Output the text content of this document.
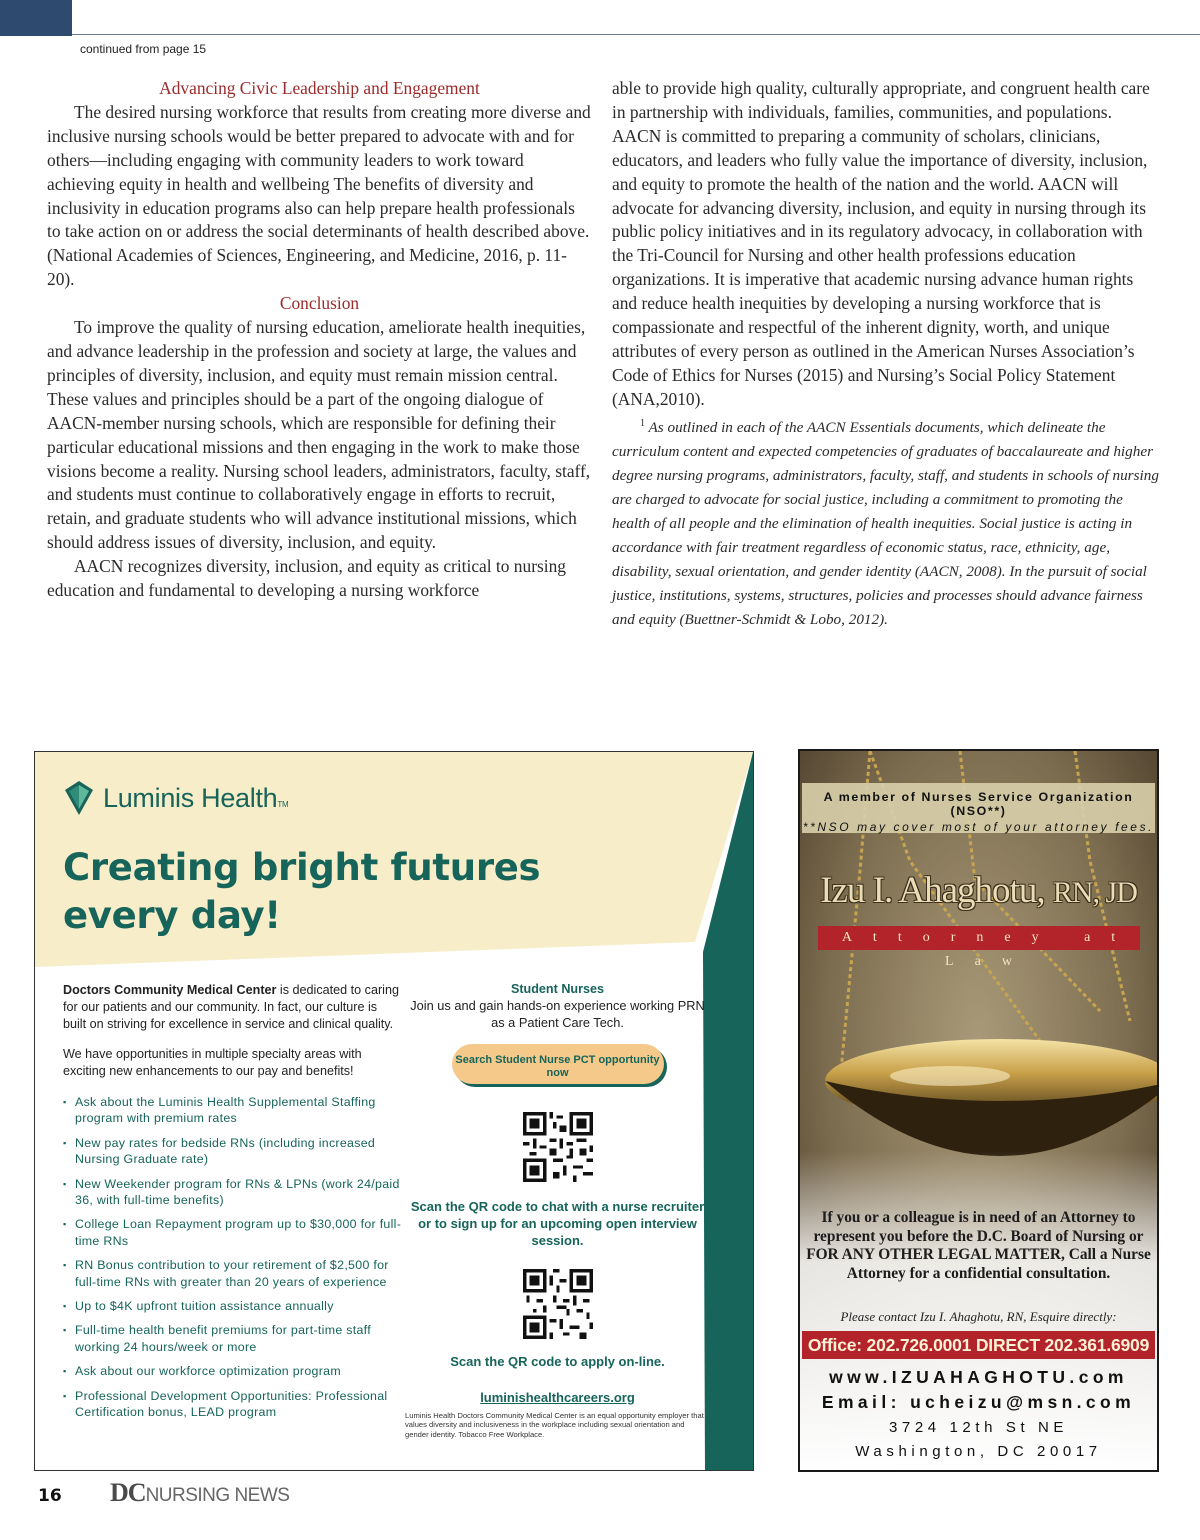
continued from page 15

Advancing Civic Leadership and Engagement

The desired nursing workforce that results from creating more diverse and inclusive nursing schools would be better prepared to advocate with and for others—including engaging with community leaders to work toward achieving equity in health and wellbeing The benefits of diversity and inclusivity in education programs also can help prepare health professionals to take action on or address the social determinants of health described above. (National Academies of Sciences, Engineering, and Medicine, 2016, p. 11-20).

Conclusion

To improve the quality of nursing education, ameliorate health inequities, and advance leadership in the profession and society at large, the values and principles of diversity, inclusion, and equity must remain mission central. These values and principles should be a part of the ongoing dialogue of AACN-member nursing schools, which are responsible for defining their particular educational missions and then engaging in the work to make those visions become a reality. Nursing school leaders, administrators, faculty, staff, and students must continue to collaboratively engage in efforts to recruit, retain, and graduate students who will advance institutional missions, which should address issues of diversity, inclusion, and equity.

AACN recognizes diversity, inclusion, and equity as critical to nursing education and fundamental to developing a nursing workforce

able to provide high quality, culturally appropriate, and congruent health care in partnership with individuals, families, communities, and populations. AACN is committed to preparing a community of scholars, clinicians, educators, and leaders who fully value the importance of diversity, inclusion, and equity to promote the health of the nation and the world. AACN will advocate for advancing diversity, inclusion, and equity in nursing through its public policy initiatives and in its regulatory advocacy, in collaboration with the Tri-Council for Nursing and other health professions education organizations. It is imperative that academic nursing advance human rights and reduce health inequities by developing a nursing workforce that is compassionate and respectful of the inherent dignity, worth, and unique attributes of every person as outlined in the American Nurses Association’s Code of Ethics for Nurses (2015) and Nursing’s Social Policy Statement (ANA,2010).

$^1$ As outlined in each of the AACN Essentials documents, which delineate the curriculum content and expected competencies of graduates of baccalaureate and higher degree nursing programs, administrators, faculty, staff, and students in schools of nursing are charged to advocate for social justice, including a commitment to promoting the health of all people and the elimination of health inequities. Social justice is acting in accordance with fair treatment regardless of economic status, race, ethnicity, age, disability, sexual orientation, and gender identity (AACN, 2008). In the pursuit of social justice, institutions, systems, structures, policies and processes should advance fairness and equity (Buettner-Schmidt & Lobo, 2012).

Luminis HealthTM
Creating bright futures every day!

Doctors Community Medical Center is dedicated to caring for our patients and our community. In fact, our culture is built on striving for excellence in service and clinical quality.

We have opportunities in multiple specialty areas with exciting new enhancements to our pay and benefits!

▪ Ask about the Luminis Health Supplemental Staffing program with premium rates
▪ New pay rates for bedside RNs (including increased Nursing Graduate rate)
▪ New Weekender program for RNs & LPNs (work 24/paid 36, with full-time benefits)
▪ College Loan Repayment program up to $30,000 for full-time RNs
▪ RN Bonus contribution to your retirement of $2,500 for full-time RNs with greater than 20 years of experience
▪ Up to $4K upfront tuition assistance annually
▪ Full-time health benefit premiums for part-time staff working 24 hours/week or more
▪ Ask about our workforce optimization program
▪ Professional Development Opportunities: Professional Certification bonus, LEAD program
Student Nurses
Join us and gain hands-on experience working PRN as a Patient Care Tech.
Search Student Nurse PCT opportunity now
Scan the QR code to chat with a nurse recruiter or to sign up for an upcoming open interview session.
Scan the QR code to apply on-line.
luminishealthcareers.org
Luminis Health Doctors Community Medical Center is an equal opportunity employer that values diversity and inclusiveness in the workplace including sexual orientation and gender identity. Tobacco Free Workplace.
A member of Nurses Service Organization (NSO**)
**NSO may cover most of your attorney fees.
Izu I. Ahaghotu, RN, JD
Attorney at Law
If you or a colleague is in need of an Attorney to represent you before the D.C. Board of Nursing or FOR ANY OTHER LEGAL MATTER, Call a Nurse Attorney for a confidential consultation.
Please contact Izu I. Ahaghotu, RN, Esquire directly:
Office: 202.726.0001 DIRECT 202.361.6909
www.IZUAHAGHOTU.com
Email: ucheizu@msn.com
3724 12th St NE
Washington, DC 20017
16 DCNURSING NEWS
